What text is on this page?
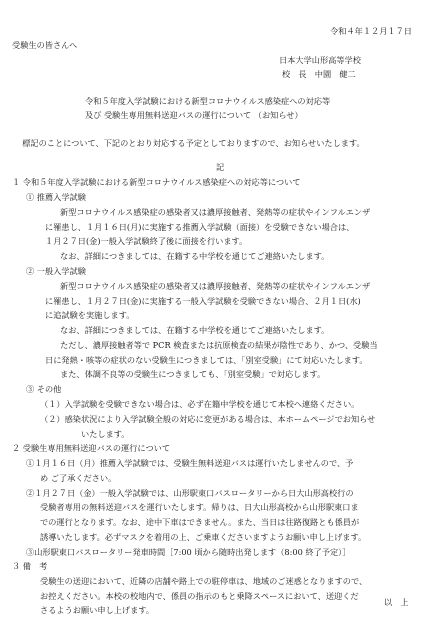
令和４年１２月１７日
受験生の皆さんへ
日本大学山形高等学校
校　長　中園　健二
令和５年度入学試験における新型コロナウイルス感染症への対応等
及び 受験生専用無料送迎バスの運行について （お知らせ）
　標記のことについて、下記のとおり対応する予定としておりますので、お知らせいたします。
記
１ 令和５年度入学試験における新型コロナウイルス感染症への対応等について
① 推薦入学試験
新型コロナウイルス感染症の感染者又は濃厚接触者、発熱等の症状やインフルエンザ
に罹患し、１月１６日(月)に実施する推薦入学試験（面接）を受験できない場合は、
１月２７日(金)一般入学試験終了後に面接を行います。
なお、詳細につきましては、在籍する中学校を通じてご連絡いたします。
② 一般入学試験
新型コロナウイルス感染症の感染者又は濃厚接触者、発熱等の症状やインフルエンザ
に罹患し、１月２７日(金)に実施する一般入学試験を受験できない場合、２月１日(水)
に追試験を実施します。
なお、詳細につきましては、在籍する中学校を通じてご連絡いたします。
ただし、濃厚接触者等で PCR 検査または抗原検査の結果が陰性であり、かつ、受験当
日に発熱・咳等の症状のない受験生につきましては、「別室受験」にて対応いたします。
また、体調不良等の受験生につきましても、「別室受験」で対応します。
③ その他
（１）入学試験を受験できない場合は、必ず在籍中学校を通じて本校へ連絡ください。
（２）感染状況により入学試験全般の対応に変更がある場合は、本ホームページでお知らせ
いたします。
２ 受験生専用無料送迎バスの運行について
①１月１６日（月）推薦入学試験では、受験生無料送迎バスは運行いたしませんので、予
め ご了承ください。
②１月２７日（金）一般入学試験では、山形駅東口バスロータリーから日大山形高校行の
受験者専用の無料送迎バスを運行いたします。帰りは、日大山形高校から山形駅東口ま
での運行となります。なお、途中下車はできません。また、当日は往路復路とも係員が
誘導いたします。必ずマスクを着用の上、ご乗車くださいますようお願い申し上げます。
③山形駅東口バスロータリー発車時間［7:00 頃から随時出発します（8:00 終了予定）］
３ 備　考
受験生の送迎において、近隣の店舗や路上での駐停車は、地域のご迷惑となりますので、
お控えください。本校の校地内で、係員の指示のもと乗降スペースにおいて、送迎くだ
さるようお願い申し上げます。
以　上
